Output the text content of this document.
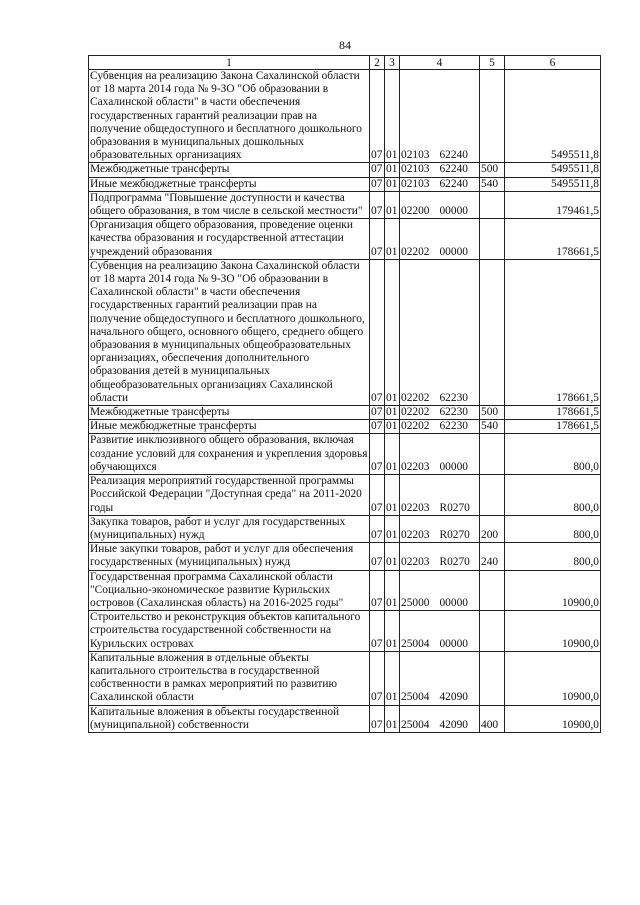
84
1	2	3	4	5	6
Субвенция на реализацию Закона Сахалинской области от 18 марта 2014 года № 9-ЗО "Об образовании в Сахалинской области" в части обеспечения государственных гарантий реализации прав на получение общедоступного и бесплатного дошкольного образования в муниципальных дошкольных образовательных организациях	07	01	02103 62240		5495511,8
Межбюджетные трансферты	07	01	02103 62240	500	5495511,8
Иные межбюджетные трансферты	07	01	02103 62240	540	5495511,8
Подпрограмма "Повышение доступности и качества общего образования, в том числе в сельской местности"	07	01	02200 00000		179461,5
Организация общего образования, проведение оценки качества образования и государственной аттестации учреждений образования	07	01	02202 00000		178661,5
Субвенция на реализацию Закона Сахалинской области от 18 марта 2014 года № 9-ЗО "Об образовании в Сахалинской области" в части обеспечения государственных гарантий реализации прав на получение общедоступного и бесплатного дошкольного, начального общего, основного общего, среднего общего образования в муниципальных общеобразовательных организациях, обеспечения дополнительного образования детей в муниципальных общеобразовательных организациях Сахалинской области	07	01	02202 62230		178661,5
Межбюджетные трансферты	07	01	02202 62230	500	178661,5
Иные межбюджетные трансферты	07	01	02202 62230	540	178661,5
Развитие инклюзивного общего образования, включая создание условий для сохранения и укрепления здоровья обучающихся	07	01	02203 00000		800,0
Реализация мероприятий государственной программы Российской Федерации "Доступная среда" на 2011-2020 годы	07	01	02203 R0270		800,0
Закупка товаров, работ и услуг для государственных (муниципальных) нужд	07	01	02203 R0270	200	800,0
Иные закупки товаров, работ и услуг для обеспечения государственных (муниципальных) нужд	07	01	02203 R0270	240	800,0
Государственная программа Сахалинской области "Социально-экономическое развитие Курильских островов (Сахалинская область) на 2016-2025 годы"	07	01	25000 00000		10900,0
Строительство и реконструкция объектов капитального строительства государственной собственности на Курильских островах	07	01	25004 00000		10900,0
Капитальные вложения в отдельные объекты капитального строительства в государственной собственности в рамках мероприятий по развитию Сахалинской области	07	01	25004 42090		10900,0
Капитальные вложения в объекты государственной (муниципальной) собственности	07	01	25004 42090	400	10900,0
